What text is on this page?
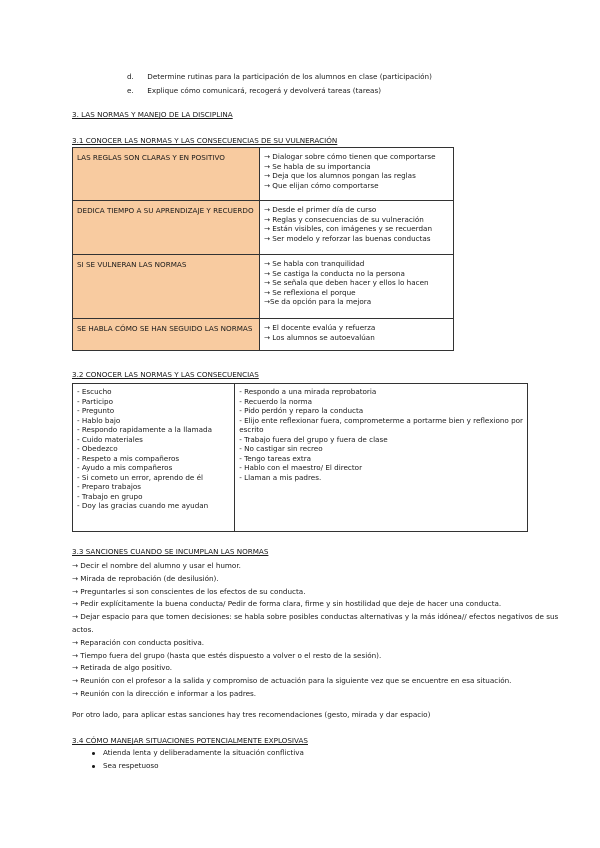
d. Determine rutinas para la participación de los alumnos en clase (participación)
e. Explique cómo comunicará, recogerá y devolverá tareas (tareas)
3. LAS NORMAS Y MANEJO DE LA DISCIPLINA
3.1 CONOCER LAS NORMAS Y LAS CONSECUENCIAS DE SU VULNERACIÓN
LAS REGLAS SON CLARAS Y EN POSITIVO	→ Dialogar sobre cómo tienen que comportarse
→ Se habla de su importancia
→ Deja que los alumnos pongan las reglas
→ Que elijan cómo comportarse

DEDICA TIEMPO A SU APRENDIZAJE Y RECUERDO	→ Desde el primer día de curso
→ Reglas y consecuencias de su vulneración
→ Están visibles, con imágenes y se recuerdan
→ Ser modelo y reforzar las buenas conductas

SI SE VULNERAN LAS NORMAS	→ Se habla con tranquilidad
→ Se castiga la conducta no la persona
→ Se señala que deben hacer y ellos lo hacen
→ Se reflexiona el porque
→Se da opción para la mejora

SE HABLA CÓMO SE HAN SEGUIDO LAS NORMAS	→ El docente evalúa y refuerza
→ Los alumnos se autoevalúan
3.2 CONOCER LAS NORMAS Y LAS CONSECUENCIAS
- Escucho
- Participo
- Pregunto
- Hablo bajo
- Respondo rapidamente a la llamada
- Cuido materiales
- Obedezco
- Respeto a mis compañeros
- Ayudo a mis compañeros
- Si cometo un error, aprendo de él
- Preparo trabajos
- Trabajo en grupo
- Doy las gracias cuando me ayudan

- Respondo a una mirada reprobatoria
- Recuerdo la norma
- Pido perdón y reparo la conducta
- Elijo ente reflexionar fuera, comprometerme a portarme bien y reflexiono por
escrito
- Trabajo fuera del grupo y fuera de clase
- No castigar sin recreo
- Tengo tareas extra
- Hablo con el maestro/ El director
- Llaman a mis padres.
3.3 SANCIONES CUANDO SE INCUMPLAN LAS NORMAS
→ Decir el nombre del alumno y usar el humor.
→ Mirada de reprobación (de desilusión).
→ Preguntarles si son conscientes de los efectos de su conducta.
→ Pedir explícitamente la buena conducta/ Pedir de forma clara, firme y sin hostilidad que deje de hacer una conducta.
→ Dejar espacio para que tomen decisiones: se habla sobre posibles conductas alternativas y la más idónea// efectos negativos de sus
actos.
→ Reparación con conducta positiva.
→ Tiempo fuera del grupo (hasta que estés dispuesto a volver o el resto de la sesión).
→ Retirada de algo positivo.
→ Reunión con el profesor a la salida y compromiso de actuación para la siguiente vez que se encuentre en esa situación.
→ Reunión con la dirección e informar a los padres.
Por otro lado, para aplicar estas sanciones hay tres recomendaciones (gesto, mirada y dar espacio)
3.4 CÓMO MANEJAR SITUACIONES POTENCIALMENTE EXPLOSIVAS
Atienda lenta y deliberadamente la situación conflictiva
Sea respetuoso
